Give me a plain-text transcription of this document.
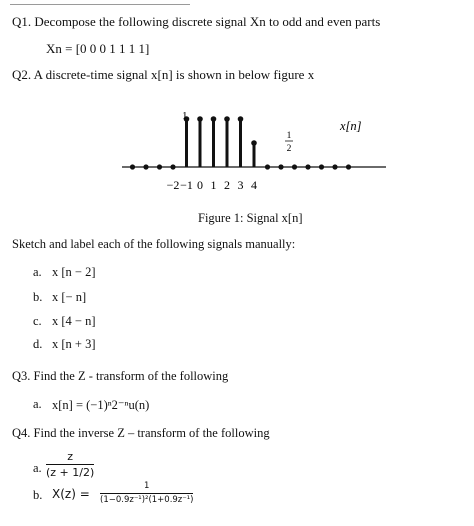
Q1. Decompose the following discrete signal Xn to odd and even parts
Xn = [0 0 0 1 1 1 1]
Q2. A discrete-time signal x[n] is shown in below figure x
1
1
2
x[n]
−2 −1 0 1 2 3 4
Figure 1: Signal x[n]
Sketch and label each of the following signals manually:
a. x [n − 2]
b. x [− n]
c. x [4 − n]
d. x [n + 3]
Q3. Find the Z - transform of the following
a. x[n] = (−1)ⁿ2⁻ⁿu(n)
Q4. Find the inverse Z – transform of the following
a.
z
(z + 1/2)
b. X(z) =
1
(1−0.9z⁻¹)²(1+0.9z⁻¹)
